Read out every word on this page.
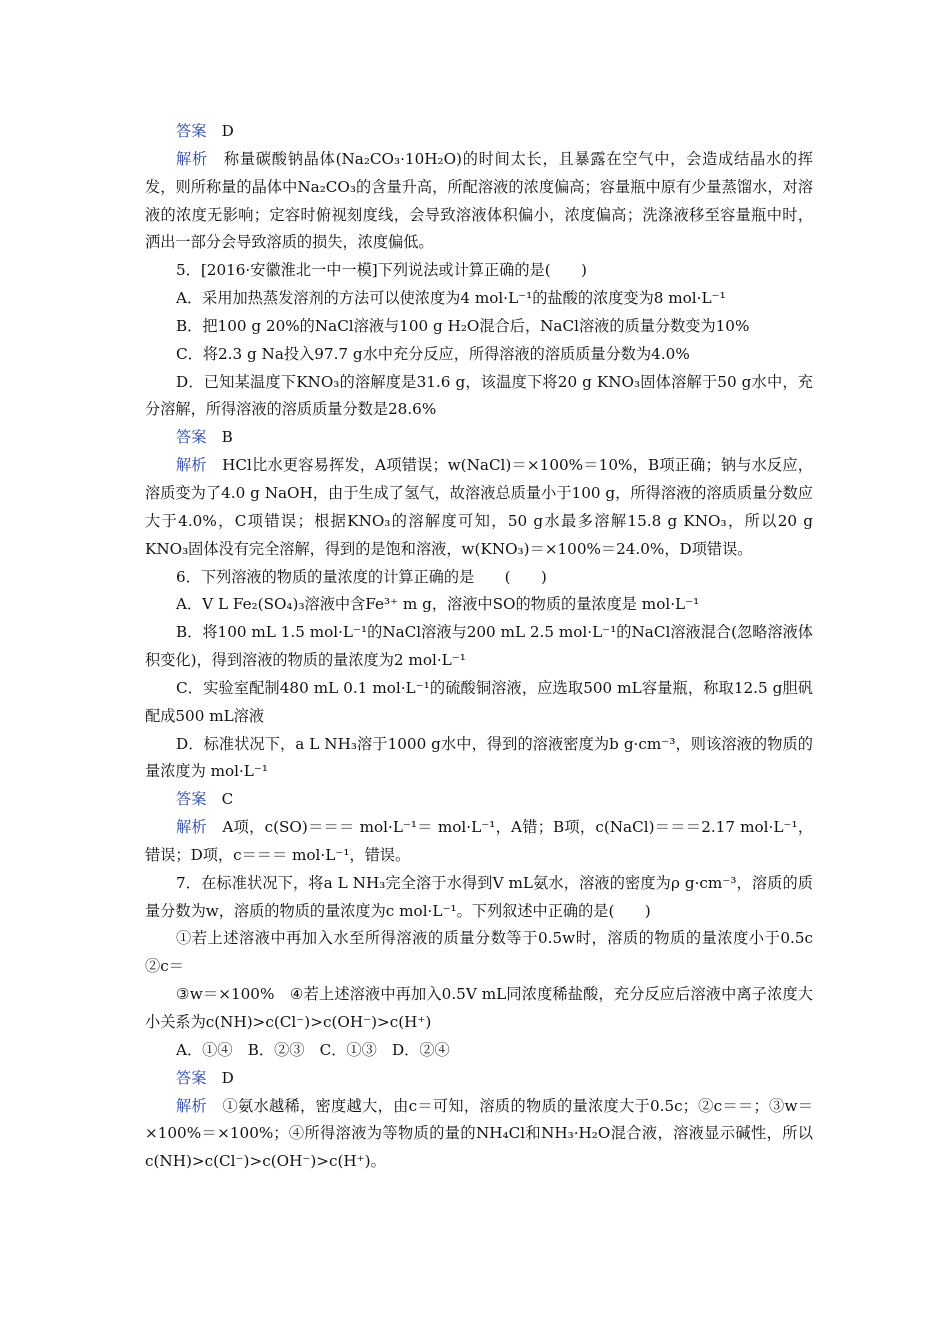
答案　D

解析　称量碳酸钠晶体(Na₂CO₃·10H₂O)的时间太长，且暴露在空气中，会造成结晶水的挥发，则所称量的晶体中Na₂CO₃的含量升高，所配溶液的浓度偏高；容量瓶中原有少量蒸馏水，对溶液的浓度无影响；定容时俯视刻度线，会导致溶液体积偏小，浓度偏高；洗涤液移至容量瓶中时，洒出一部分会导致溶质的损失，浓度偏低。

5．[2016·安徽淮北一中一模]下列说法或计算正确的是(　　)

A．采用加热蒸发溶剂的方法可以使浓度为4 mol·L⁻¹的盐酸的浓度变为8 mol·L⁻¹

B．把100 g 20%的NaCl溶液与100 g H₂O混合后，NaCl溶液的质量分数变为10%

C．将2.3 g Na投入97.7 g水中充分反应，所得溶液的溶质质量分数为4.0%

D．已知某温度下KNO₃的溶解度是31.6 g，该温度下将20 g KNO₃固体溶解于50 g水中，充分溶解，所得溶液的溶质质量分数是28.6%

答案　B

解析　HCl比水更容易挥发，A项错误；w(NaCl)＝×100%＝10%，B项正确；钠与水反应，溶质变为了4.0 g NaOH，由于生成了氢气，故溶液总质量小于100 g，所得溶液的溶质质量分数应大于4.0%，C项错误；根据KNO₃的溶解度可知，50 g水最多溶解15.8 g KNO₃，所以20 g KNO₃固体没有完全溶解，得到的是饱和溶液，w(KNO₃)＝×100%＝24.0%，D项错误。

6．下列溶液的物质的量浓度的计算正确的是　　(　　)

A．V L Fe₂(SO₄)₃溶液中含Fe³⁺ m g，溶液中SO的物质的量浓度是 mol·L⁻¹

B．将100 mL 1.5 mol·L⁻¹的NaCl溶液与200 mL 2.5 mol·L⁻¹的NaCl溶液混合(忽略溶液体积变化)，得到溶液的物质的量浓度为2 mol·L⁻¹

C．实验室配制480 mL 0.1 mol·L⁻¹的硫酸铜溶液，应选取500 mL容量瓶，称取12.5 g胆矾配成500 mL溶液

D．标准状况下，a L NH₃溶于1000 g水中，得到的溶液密度为b g·cm⁻³，则该溶液的物质的量浓度为 mol·L⁻¹

答案　C

解析　A项，c(SO)＝＝＝ mol·L⁻¹＝ mol·L⁻¹，A错；B项，c(NaCl)＝＝＝2.17 mol·L⁻¹，错误；D项，c＝＝＝ mol·L⁻¹，错误。

7．在标准状况下，将a L NH₃完全溶于水得到V mL氨水，溶液的密度为ρ g·cm⁻³，溶质的质量分数为w，溶质的物质的量浓度为c mol·L⁻¹。下列叙述中正确的是(　　)

①若上述溶液中再加入水至所得溶液的质量分数等于0.5w时，溶质的物质的量浓度小于0.5c　②c＝

③w＝×100%　④若上述溶液中再加入0.5V mL同浓度稀盐酸，充分反应后溶液中离子浓度大小关系为c(NH)>c(Cl⁻)>c(OH⁻)>c(H⁺)

A．①④　B．②③　C．①③　D．②④

答案　D

解析　①氨水越稀，密度越大，由c＝可知，溶质的物质的量浓度大于0.5c；②c＝＝；③w＝×100%＝×100%；④所得溶液为等物质的量的NH₄Cl和NH₃·H₂O混合液，溶液显示碱性，所以c(NH)>c(Cl⁻)>c(OH⁻)>c(H⁺)。
